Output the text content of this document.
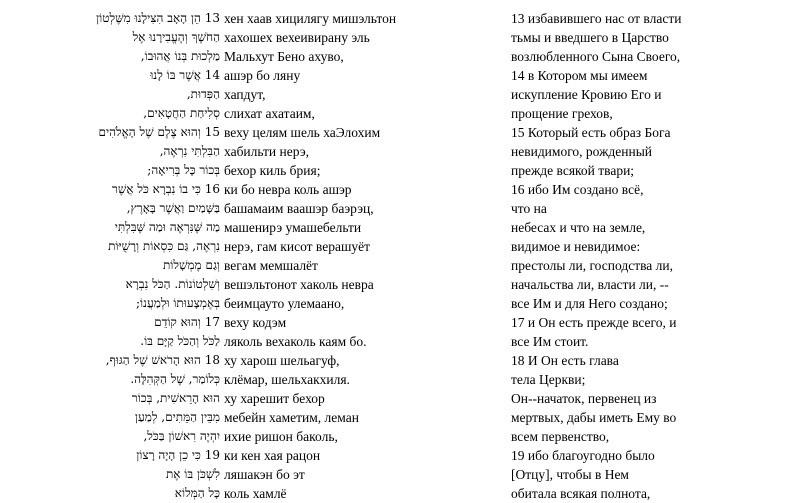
13 הֵן הָאָב הִצִּילָנוּ מִשֶּׁלְטוֹן
הַחֹשֶׁךְ וְהֶעֱבִירָנוּ אֶל
מַלְכוּת בְּנוֹ אֲהוּבוֹ,
14 אֲשֶׁר בּוֹ לָנוּ
הַפְּדוּת,
סְלִיחַת הַחֲטָאִים,
15 וְהוּא צֶלֶם שֶׁל הָאֱלֹהִים
הַבִּלְתִּי נִרְאֶה,
בְּכוֹר כָּל בְּרִיאָה;
16 כִּי בוֹ נִבְרָא כֹּל אֲשֶׁר
בַּשָּׁמַיִם וַאֲשֶׁר בָּאָרֶץ,
מַה שֶּׁנִּרְאֶה וּמַה שֶּׁבִּלְתִּי
נִרְאֶה, גַּם כִּסְאוֹת וְרָשֻׁיּוֹת
וְגַם מֶמְשָׁלוֹת
וְשִׁלְטוֹנוֹת. הַכֹּל נִבְרָא
בְּאֶמְצָעוּתוֹ וּלְמַעֲנוֹ;
17 וְהוּא קוֹדֵם
לַכֹּל וְהַכֹּל קַיָּם בּוֹ.
18 הוּא הָרֹאשׁ שֶׁל הַגּוּף,
כְּלוֹמַר, שֶׁל הַקְּהִלָּה.
הוּא הָרֵאשִׁית, בְּכוֹר
מִבֵּין הַמֵּתִים, לְמַעַן
יִהְיֶה רִאשׁוֹן בַּכֹּל,
19 כִּי כֵן הָיָה רָצוֹן
לִשְׁכֹּן בּוֹ אֶת
כָּל הַמְּלוֹא
хен хаав хицилягу мишэльтон
хахошех вехеивирану эль
Мальхут Бено ахуво,
ашэр бо ляну
хапдут,
слихат ахатаим,
веху целям шель хаЭлохим
хабильти нерэ,
бехор киль брия;
ки бо невра коль ашэр
башамаим вaашэр баэрэц,
машенирэ умашебельти
нерэ, гам кисот верашуёт
вегам мемшалёт
вешэльтонот хаколь невра
беимцауто улемаано,
веху кодэм
ляколь вехаколь каям бо.
ху харош шельагуф,
клёмар, шельхакхиля.
ху харешит бехор
мебейн хаметим, леман
ихие ришон баколь,
ки кен хая рацон
ляшакэн бо эт
коль хамлё
13 избавившего нас от власти
тьмы и введшего в Царство
возлюбленного Сына Своего,
14 в Котором мы имеем
искупление Кровию Его и
прощение грехов,
15 Который есть образ Бога
невидимого, рожденный
прежде всякой твари;
16 ибо Им создано всё,
что на
небесах и что на земле,
видимое и невидимое:
престолы ли, господства ли,
начальства ли, власти ли, --
все Им и для Него создано;
17 и Он есть прежде всего, и
все Им стоит.
18 И Он есть глава
тела Церкви;
Он--начаток, первенец из
мертвых, дабы иметь Ему во
всем первенство,
19 ибо благоугодно было
[Отцу], чтобы в Нем
обитала всякая полнота,
